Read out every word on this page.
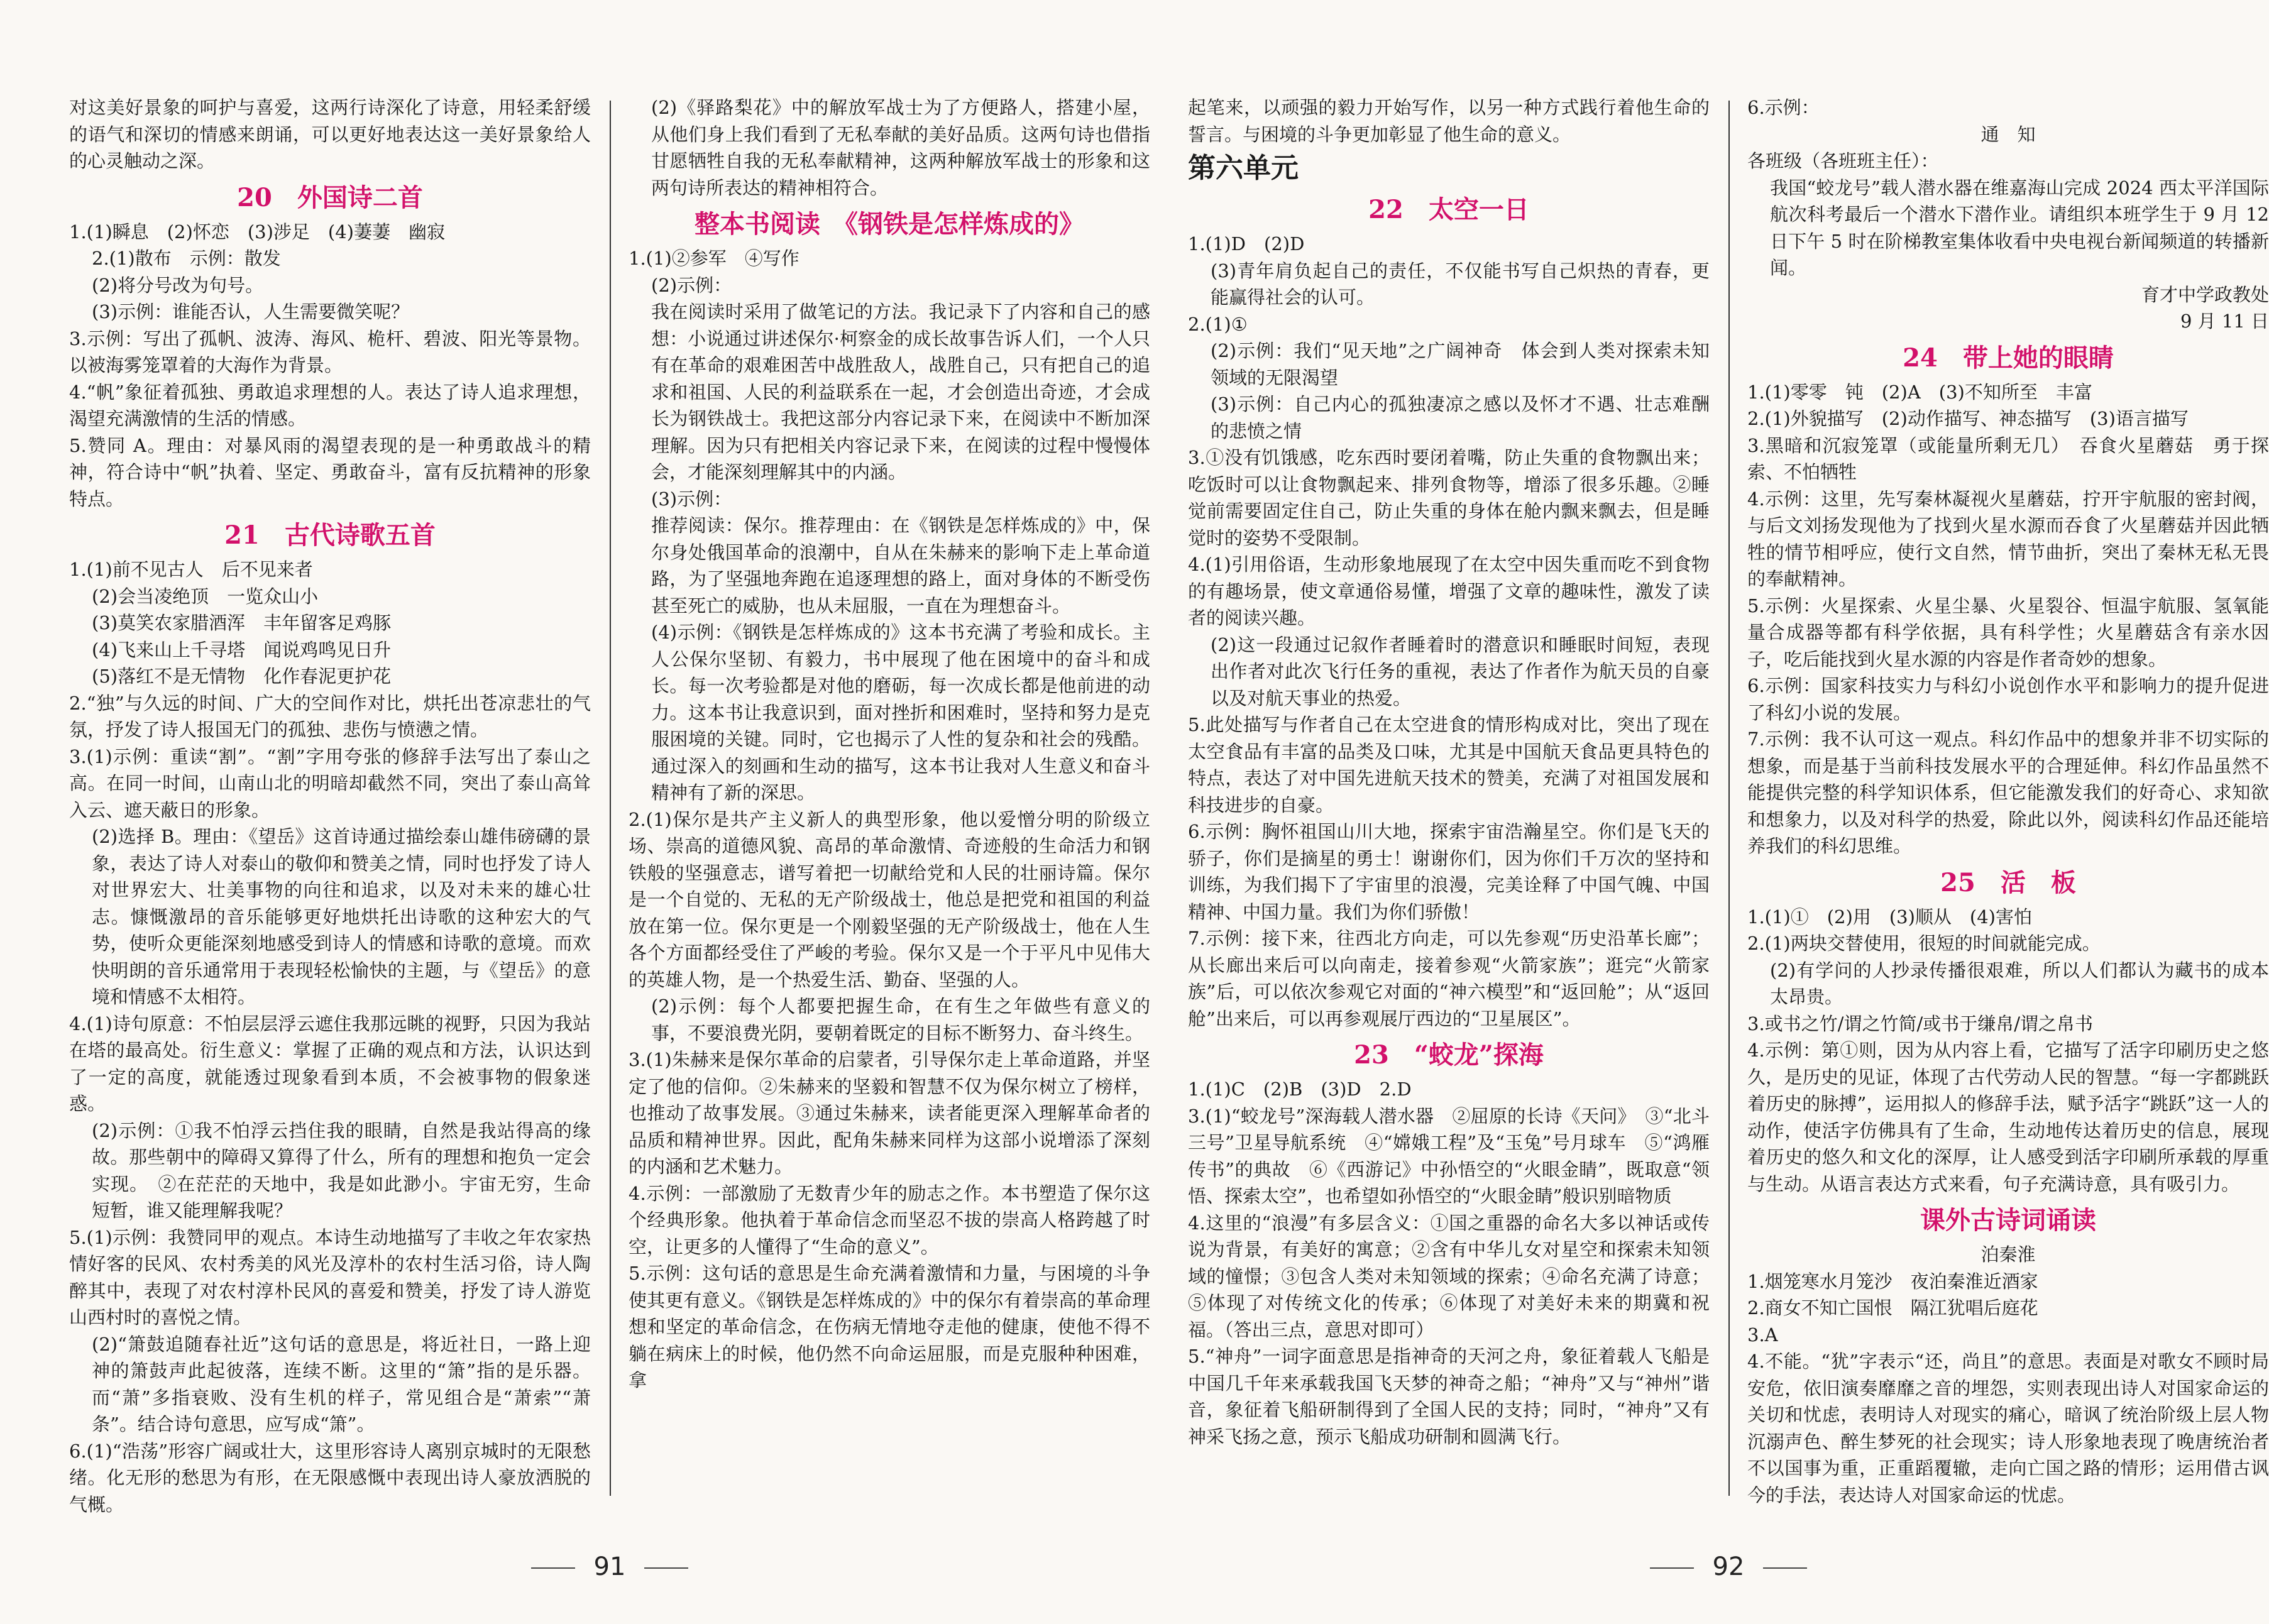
对这美好景象的呵护与喜爱，这两行诗深化了诗意，用轻柔舒缓的语气和深切的情感来朗诵，可以更好地表达这一美好景象给人的心灵触动之深。

20　外国诗二首

1.(1)瞬息　(2)怀恋　(3)涉足　(4)萋萋　幽寂

2.(1)散布　示例：散发

(2)将分号改为句号。

(3)示例：谁能否认，人生需要微笑呢？

3.示例：写出了孤帆、波涛、海风、桅杆、碧波、阳光等景物。以被海雾笼罩着的大海作为背景。

4.“帆”象征着孤独、勇敢追求理想的人。表达了诗人追求理想，渴望充满激情的生活的情感。

5.赞同 A。理由：对暴风雨的渴望表现的是一种勇敢战斗的精神，符合诗中“帆”执着、坚定、勇敢奋斗，富有反抗精神的形象特点。

21　古代诗歌五首

1.(1)前不见古人　后不见来者

(2)会当凌绝顶　一览众山小

(3)莫笑农家腊酒浑　丰年留客足鸡豚

(4)飞来山上千寻塔　闻说鸡鸣见日升

(5)落红不是无情物　化作春泥更护花

2.“独”与久远的时间、广大的空间作对比，烘托出苍凉悲壮的气氛，抒发了诗人报国无门的孤独、悲伤与愤懑之情。

3.(1)示例：重读“割”。“割”字用夸张的修辞手法写出了泰山之高。在同一时间，山南山北的明暗却截然不同，突出了泰山高耸入云、遮天蔽日的形象。

(2)选择 B。理由：《望岳》这首诗通过描绘泰山雄伟磅礴的景象，表达了诗人对泰山的敬仰和赞美之情，同时也抒发了诗人对世界宏大、壮美事物的向往和追求，以及对未来的雄心壮志。慷慨激昂的音乐能够更好地烘托出诗歌的这种宏大的气势，使听众更能深刻地感受到诗人的情感和诗歌的意境。而欢快明朗的音乐通常用于表现轻松愉快的主题，与《望岳》的意境和情感不太相符。

4.(1)诗句原意：不怕层层浮云遮住我那远眺的视野，只因为我站在塔的最高处。衍生意义：掌握了正确的观点和方法，认识达到了一定的高度，就能透过现象看到本质，不会被事物的假象迷惑。

(2)示例：①我不怕浮云挡住我的眼睛，自然是我站得高的缘故。那些朝中的障碍又算得了什么，所有的理想和抱负一定会实现。　②在茫茫的天地中，我是如此渺小。宇宙无穷，生命短暂，谁又能理解我呢？

5.(1)示例：我赞同甲的观点。本诗生动地描写了丰收之年农家热情好客的民风、农村秀美的风光及淳朴的农村生活习俗，诗人陶醉其中，表现了对农村淳朴民风的喜爱和赞美，抒发了诗人游览山西村时的喜悦之情。

(2)“箫鼓追随春社近”这句话的意思是，将近社日，一路上迎神的箫鼓声此起彼落，连续不断。这里的“箫”指的是乐器。而“萧”多指衰败、没有生机的样子，常见组合是“萧索”“萧条”。结合诗句意思，应写成“箫”。

6.(1)“浩荡”形容广阔或壮大，这里形容诗人离别京城时的无限愁绪。化无形的愁思为有形，在无限感慨中表现出诗人豪放洒脱的气概。

(2)《驿路梨花》中的解放军战士为了方便路人，搭建小屋，从他们身上我们看到了无私奉献的美好品质。这两句诗也借指甘愿牺牲自我的无私奉献精神，这两种解放军战士的形象和这两句诗所表达的精神相符合。

整本书阅读　《钢铁是怎样炼成的》

1.(1)②参军　④写作

(2)示例：

我在阅读时采用了做笔记的方法。我记录下了内容和自己的感想：小说通过讲述保尔·柯察金的成长故事告诉人们，一个人只有在革命的艰难困苦中战胜敌人，战胜自己，只有把自己的追求和祖国、人民的利益联系在一起，才会创造出奇迹，才会成长为钢铁战士。我把这部分内容记录下来，在阅读中不断加深理解。因为只有把相关内容记录下来，在阅读的过程中慢慢体会，才能深刻理解其中的内涵。

(3)示例：

推荐阅读：保尔。推荐理由：在《钢铁是怎样炼成的》中，保尔身处俄国革命的浪潮中，自从在朱赫来的影响下走上革命道路，为了坚强地奔跑在追逐理想的路上，面对身体的不断受伤甚至死亡的威胁，也从未屈服，一直在为理想奋斗。

(4)示例：《钢铁是怎样炼成的》这本书充满了考验和成长。主人公保尔坚韧、有毅力，书中展现了他在困境中的奋斗和成长。每一次考验都是对他的磨砺，每一次成长都是他前进的动力。这本书让我意识到，面对挫折和困难时，坚持和努力是克服困境的关键。同时，它也揭示了人性的复杂和社会的残酷。通过深入的刻画和生动的描写，这本书让我对人生意义和奋斗精神有了新的深思。

2.(1)保尔是共产主义新人的典型形象，他以爱憎分明的阶级立场、崇高的道德风貌、高昂的革命激情、奇迹般的生命活力和钢铁般的坚强意志，谱写着把一切献给党和人民的壮丽诗篇。保尔是一个自觉的、无私的无产阶级战士，他总是把党和祖国的利益放在第一位。保尔更是一个刚毅坚强的无产阶级战士，他在人生各个方面都经受住了严峻的考验。保尔又是一个于平凡中见伟大的英雄人物，是一个热爱生活、勤奋、坚强的人。

(2)示例：每个人都要把握生命，在有生之年做些有意义的事，不要浪费光阴，要朝着既定的目标不断努力、奋斗终生。

3.(1)朱赫来是保尔革命的启蒙者，引导保尔走上革命道路，并坚定了他的信仰。②朱赫来的坚毅和智慧不仅为保尔树立了榜样，也推动了故事发展。③通过朱赫来，读者能更深入理解革命者的品质和精神世界。因此，配角朱赫来同样为这部小说增添了深刻的内涵和艺术魅力。

4.示例：一部激励了无数青少年的励志之作。本书塑造了保尔这个经典形象。他执着于革命信念而坚忍不拔的崇高人格跨越了时空，让更多的人懂得了“生命的意义”。

5.示例：这句话的意思是生命充满着激情和力量，与困境的斗争使其更有意义。《钢铁是怎样炼成的》中的保尔有着崇高的革命理想和坚定的革命信念，在伤病无情地夺走他的健康，使他不得不躺在病床上的时候，他仍然不向命运屈服，而是克服种种困难，拿

91

起笔来，以顽强的毅力开始写作，以另一种方式践行着他生命的誓言。与困境的斗争更加彰显了他生命的意义。

第六单元
22　太空一日

1.(1)D　(2)D

(3)青年肩负起自己的责任，不仅能书写自己炽热的青春，更能赢得社会的认可。

2.(1)①

(2)示例：我们“见天地”之广阔神奇　体会到人类对探索未知领域的无限渴望

(3)示例：自己内心的孤独凄凉之感以及怀才不遇、壮志难酬的悲愤之情

3.①没有饥饿感，吃东西时要闭着嘴，防止失重的食物飘出来；吃饭时可以让食物飘起来、排列食物等，增添了很多乐趣。②睡觉前需要固定住自己，防止失重的身体在舱内飘来飘去，但是睡觉时的姿势不受限制。

4.(1)引用俗语，生动形象地展现了在太空中因失重而吃不到食物的有趣场景，使文章通俗易懂，增强了文章的趣味性，激发了读者的阅读兴趣。

(2)这一段通过记叙作者睡着时的潜意识和睡眠时间短，表现出作者对此次飞行任务的重视，表达了作者作为航天员的自豪以及对航天事业的热爱。

5.此处描写与作者自己在太空进食的情形构成对比，突出了现在太空食品有丰富的品类及口味，尤其是中国航天食品更具特色的特点，表达了对中国先进航天技术的赞美，充满了对祖国发展和科技进步的自豪。

6.示例：胸怀祖国山川大地，探索宇宙浩瀚星空。你们是飞天的骄子，你们是摘星的勇士！谢谢你们，因为你们千万次的坚持和训练，为我们揭下了宇宙里的浪漫，完美诠释了中国气魄、中国精神、中国力量。我们为你们骄傲！

7.示例：接下来，往西北方向走，可以先参观“历史沿革长廊”；从长廊出来后可以向南走，接着参观“火箭家族”；逛完“火箭家族”后，可以依次参观它对面的“神六模型”和“返回舱”；从“返回舱”出来后，可以再参观展厅西边的“卫星展区”。

23　“蛟龙”探海

1.(1)C　(2)B　(3)D　2.D

3.(1)“蛟龙号”深海载人潜水器　②屈原的长诗《天问》　③“北斗三号”卫星导航系统　④“嫦娥工程”及“玉兔”号月球车　⑤“鸿雁传书”的典故　⑥《西游记》中孙悟空的“火眼金睛”，既取意“领悟、探索太空”，也希望如孙悟空的“火眼金睛”般识别暗物质

4.这里的“浪漫”有多层含义：①国之重器的命名大多以神话或传说为背景，有美好的寓意；②含有中华儿女对星空和探索未知领域的憧憬；③包含人类对未知领域的探索；④命名充满了诗意；⑤体现了对传统文化的传承；⑥体现了对美好未来的期冀和祝福。（答出三点，意思对即可）

5.“神舟”一词字面意思是指神奇的天河之舟，象征着载人飞船是中国几千年来承载我国飞天梦的神奇之船；“神舟”又与“神州”谐音，象征着飞船研制得到了全国人民的支持；同时，“神舟”又有神采飞扬之意，预示飞船成功研制和圆满飞行。

6.示例：

通　知

各班级（各班班主任）：

我国“蛟龙号”载人潜水器在维嘉海山完成 2024 西太平洋国际航次科考最后一个潜水下潜作业。请组织本班学生于 9 月 12 日下午 5 时在阶梯教室集体收看中央电视台新闻频道的转播新闻。

育才中学政教处

9 月 11 日

24　带上她的眼睛

1.(1)零零　钝　(2)A　(3)不知所至　丰富

2.(1)外貌描写　(2)动作描写、神态描写　(3)语言描写

3.黑暗和沉寂笼罩（或能量所剩无几）　吞食火星蘑菇　勇于探索、不怕牺牲

4.示例：这里，先写秦林凝视火星蘑菇，拧开宇航服的密封阀，与后文刘扬发现他为了找到火星水源而吞食了火星蘑菇并因此牺牲的情节相呼应，使行文自然，情节曲折，突出了秦林无私无畏的奉献精神。

5.示例：火星探索、火星尘暴、火星裂谷、恒温宇航服、氢氧能量合成器等都有科学依据，具有科学性；火星蘑菇含有亲水因子，吃后能找到火星水源的内容是作者奇妙的想象。

6.示例：国家科技实力与科幻小说创作水平和影响力的提升促进了科幻小说的发展。

7.示例：我不认可这一观点。科幻作品中的想象并非不切实际的想象，而是基于当前科技发展水平的合理延伸。科幻作品虽然不能提供完整的科学知识体系，但它能激发我们的好奇心、求知欲和想象力，以及对科学的热爱，除此以外，阅读科幻作品还能培养我们的科幻思维。

25　活　板

1.(1)①　(2)用　(3)顺从　(4)害怕

2.(1)两块交替使用，很短的时间就能完成。

(2)有学问的人抄录传播很艰难，所以人们都认为藏书的成本太昂贵。

3.或书之竹/谓之竹简/或书于缣帛/谓之帛书

4.示例：第①则，因为从内容上看，它描写了活字印刷历史之悠久，是历史的见证，体现了古代劳动人民的智慧。“每一字都跳跃着历史的脉搏”，运用拟人的修辞手法，赋予活字“跳跃”这一人的动作，使活字仿佛具有了生命，生动地传达着历史的信息，展现着历史的悠久和文化的深厚，让人感受到活字印刷所承载的厚重与生动。从语言表达方式来看，句子充满诗意，具有吸引力。

课外古诗词诵读

泊秦淮

1.烟笼寒水月笼沙　夜泊秦淮近酒家

2.商女不知亡国恨　隔江犹唱后庭花

3.A

4.不能。“犹”字表示“还，尚且”的意思。表面是对歌女不顾时局安危，依旧演奏靡靡之音的埋怨，实则表现出诗人对国家命运的关切和忧虑，表明诗人对现实的痛心，暗讽了统治阶级上层人物沉溺声色、醉生梦死的社会现实；诗人形象地表现了晚唐统治者不以国事为重，正重蹈覆辙，走向亡国之路的情形；运用借古讽今的手法，表达诗人对国家命运的忧虑。

92
